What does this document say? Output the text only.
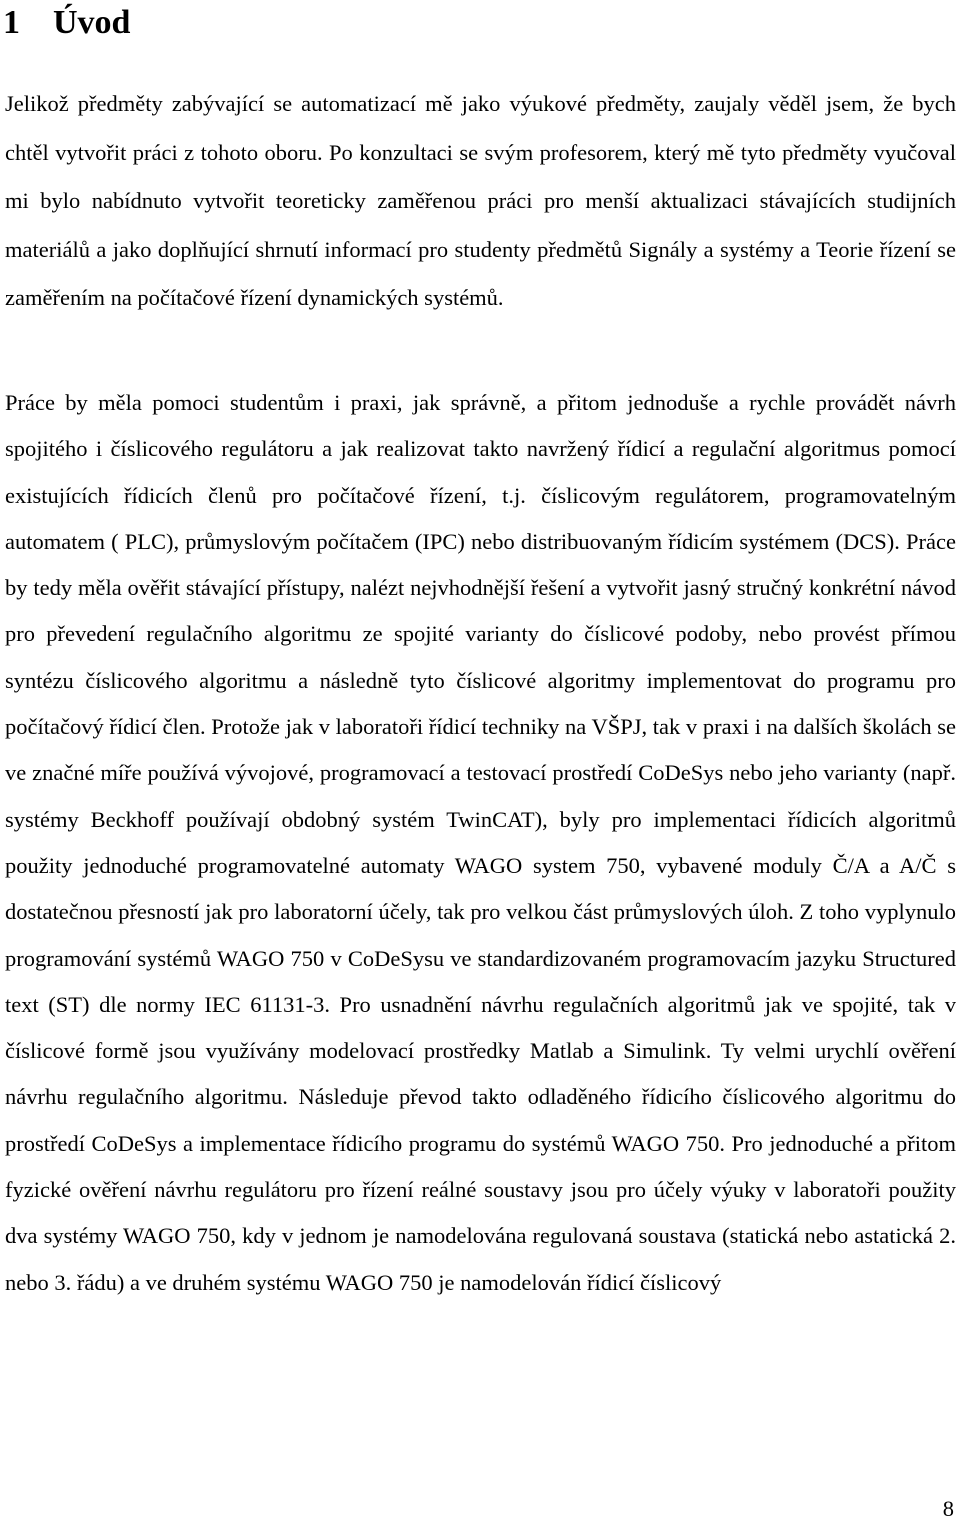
1 Úvod

Jelikož předměty zabývající se automatizací mě jako výukové předměty, zaujaly věděl jsem, že bych chtěl vytvořit práci z tohoto oboru. Po konzultaci se svým profesorem, který mě tyto předměty vyučoval mi bylo nabídnuto vytvořit teoreticky zaměřenou práci pro menší aktualizaci stávajících studijních materiálů a jako doplňující shrnutí informací pro studenty předmětů Signály a systémy a Teorie řízení se zaměřením na počítačové řízení dynamických systémů.

Práce by měla pomoci studentům i praxi, jak správně, a přitom jednoduše a rychle provádět návrh spojitého i číslicového regulátoru a jak realizovat takto navržený řídicí a regulační algoritmus pomocí existujících řídicích členů pro počítačové řízení, t.j. číslicovým regulátorem, programovatelným automatem ( PLC), průmyslovým počítačem (IPC) nebo distribuovaným řídicím systémem (DCS). Práce by tedy měla ověřit stávající přístupy, nalézt nejvhodnější řešení a vytvořit jasný stručný konkrétní návod pro převedení regulačního algoritmu ze spojité varianty do číslicové podoby, nebo provést přímou syntézu číslicového algoritmu a následně tyto číslicové algoritmy implementovat do programu pro počítačový řídicí člen. Protože jak v laboratoři řídicí techniky na VŠPJ, tak v praxi i na dalších školách se ve značné míře používá vývojové, programovací a testovací prostředí CoDeSys nebo jeho varianty (např. systémy Beckhoff používají obdobný systém TwinCAT), byly pro implementaci řídicích algoritmů použity jednoduché programovatelné automaty WAGO system 750, vybavené moduly Č/A a A/Č s dostatečnou přesností jak pro laboratorní účely, tak pro velkou část průmyslových úloh. Z toho vyplynulo programování systémů WAGO 750 v CoDeSysu ve standardizovaném programovacím jazyku Structured text (ST) dle normy IEC 61131-3. Pro usnadnění návrhu regulačních algoritmů jak ve spojité, tak v číslicové formě jsou využívány modelovací prostředky Matlab a Simulink. Ty velmi urychlí ověření návrhu regulačního algoritmu. Následuje převod takto odladěného řídicího číslicového algoritmu do prostředí CoDeSys a implementace řídicího programu do systémů WAGO 750. Pro jednoduché a přitom fyzické ověření návrhu regulátoru pro řízení reálné soustavy jsou pro účely výuky v laboratoři použity dva systémy WAGO 750, kdy v jednom je namodelována regulovaná soustava (statická nebo astatická 2. nebo 3. řádu) a ve druhém systému WAGO 750 je namodelován řídicí číslicový

8
